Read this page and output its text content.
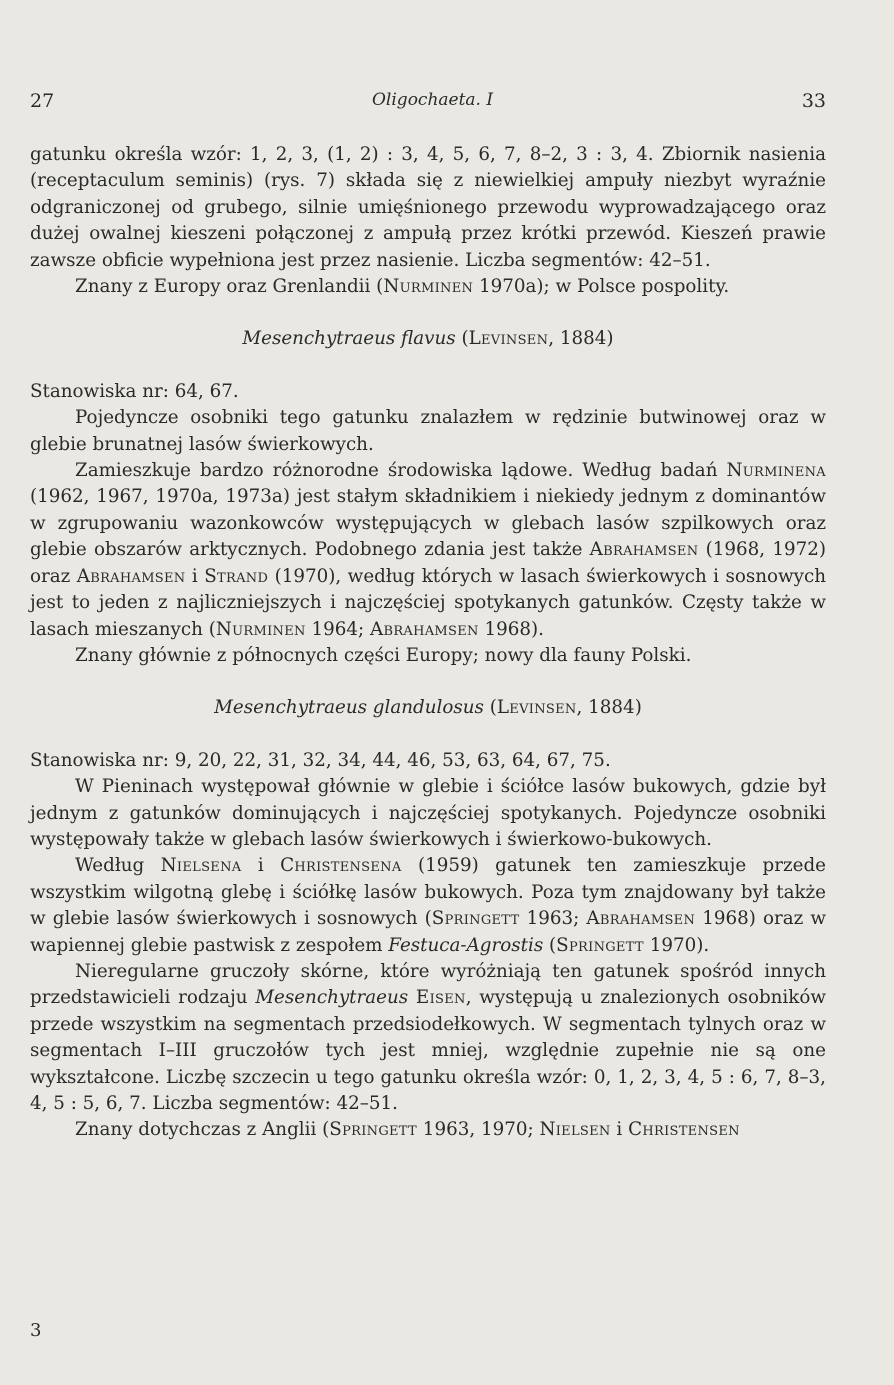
27	Oligochaeta. I	33

gatunku określa wzór: 1, 2, 3, (1, 2) : 3, 4, 5, 6, 7, 8–2, 3 : 3, 4. Zbiornik nasienia (receptaculum seminis) (rys. 7) składa się z niewielkiej ampuły niezbyt wyraźnie odgraniczonej od grubego, silnie umięśnionego przewodu wyprowadzającego oraz dużej owalnej kieszeni połączonej z ampułą przez krótki przewód. Kieszeń prawie zawsze obficie wypełniona jest przez nasienie. Liczba segmentów: 42–51.

Znany z Europy oraz Grenlandii (Nurminen 1970a); w Polsce pospolity.

Mesenchytraeus flavus (Levinsen, 1884)

Stanowiska nr: 64, 67.

Pojedyncze osobniki tego gatunku znalazłem w rędzinie butwinowej oraz w glebie brunatnej lasów świerkowych.

Zamieszkuje bardzo różnorodne środowiska lądowe. Według badań Nurminena (1962, 1967, 1970a, 1973a) jest stałym składnikiem i niekiedy jednym z dominantów w zgrupowaniu wazonkowców występujących w glebach lasów szpilkowych oraz glebie obszarów arktycznych. Podobnego zdania jest także Abrahamsen (1968, 1972) oraz Abrahamsen i Strand (1970), według których w lasach świerkowych i sosnowych jest to jeden z najliczniejszych i najczęściej spotykanych gatunków. Częsty także w lasach mieszanych (Nurminen 1964; Abrahamsen 1968).

Znany głównie z północnych części Europy; nowy dla fauny Polski.

Mesenchytraeus glandulosus (Levinsen, 1884)

Stanowiska nr: 9, 20, 22, 31, 32, 34, 44, 46, 53, 63, 64, 67, 75.

W Pieninach występował głównie w glebie i ściółce lasów bukowych, gdzie był jednym z gatunków dominujących i najczęściej spotykanych. Pojedyncze osobniki występowały także w glebach lasów świerkowych i świerkowo-bukowych.

Według Nielsena i Christensena (1959) gatunek ten zamieszkuje przede wszystkim wilgotną glebę i ściółkę lasów bukowych. Poza tym znajdowany był także w glebie lasów świerkowych i sosnowych (Springett 1963; Abrahamsen 1968) oraz w wapiennej glebie pastwisk z zespołem Festuca-Agrostis (Springett 1970).

Nieregularne gruczoły skórne, które wyróżniają ten gatunek spośród innych przedstawicieli rodzaju Mesenchytraeus Eisen, występują u znalezionych osobników przede wszystkim na segmentach przedsiodełkowych. W segmentach tylnych oraz w segmentach I–III gruczołów tych jest mniej, względnie zupełnie nie są one wykształcone. Liczbę szczecin u tego gatunku określa wzór: 0, 1, 2, 3, 4, 5 : 6, 7, 8–3, 4, 5 : 5, 6, 7. Liczba segmentów: 42–51.

Znany dotychczas z Anglii (Springett 1963, 1970; Nielsen i Christensen

3
